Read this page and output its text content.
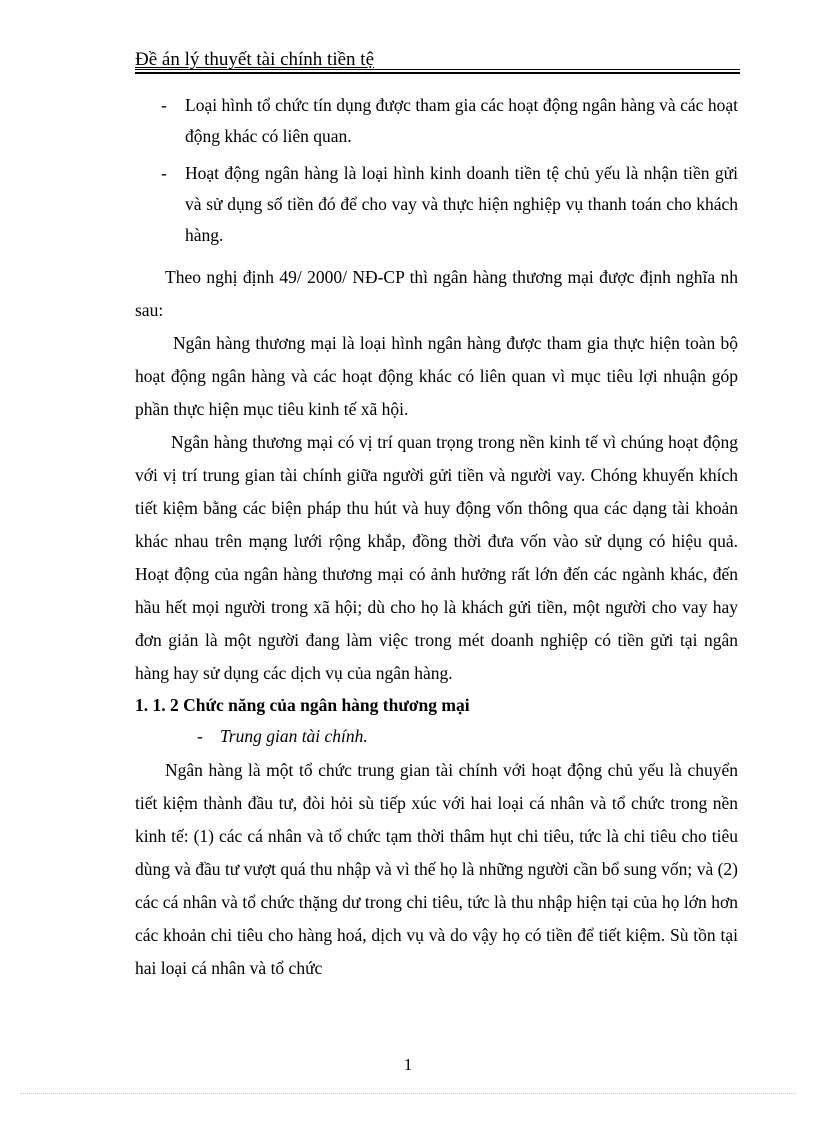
Đề án lý thuyết tài chính tiền tệ
- Loại hình tổ chức tín dụng được tham gia các hoạt động ngân hàng và các hoạt động khác có liên quan.
- Hoạt động ngân hàng là loại hình kinh doanh tiền tệ chủ yếu là nhận tiền gửi và sử dụng số tiền đó để cho vay và thực hiện nghiệp vụ thanh toán cho khách hàng.

Theo nghị định 49/ 2000/ NĐ-CP thì ngân hàng thương mại được định nghĩa nh sau:

Ngân hàng thương mại là loại hình ngân hàng được tham gia thực hiện toàn bộ hoạt động ngân hàng và các hoạt động khác có liên quan vì mục tiêu lợi nhuận góp phần thực hiện mục tiêu kinh tế xã hội.

Ngân hàng thương mại có vị trí quan trọng trong nền kinh tế vì chúng hoạt động với vị trí trung gian tài chính giữa người gửi tiền và người vay. Chóng khuyến khích tiết kiệm bằng các biện pháp thu hút và huy động vốn thông qua các dạng tài khoản khác nhau trên mạng lưới rộng khắp, đồng thời đưa vốn vào sử dụng có hiệu quả. Hoạt động của ngân hàng thương mại có ảnh hưởng rất lớn đến các ngành khác, đến hầu hết mọi người trong xã hội; dù cho họ là khách gửi tiền, một người cho vay hay đơn giản là một người đang làm việc trong mét doanh nghiệp có tiền gửi tại ngân hàng hay sử dụng các dịch vụ của ngân hàng.

1. 1. 2 Chức năng của ngân hàng thương mại
- Trung gian tài chính.

Ngân hàng là một tổ chức trung gian tài chính với hoạt động chủ yếu là chuyển tiết kiệm thành đầu tư, đòi hỏi sù tiếp xúc với hai loại cá nhân và tổ chức trong nền kinh tế: (1) các cá nhân và tổ chức tạm thời thâm hụt chi tiêu, tức là chi tiêu cho tiêu dùng và đầu tư vượt quá thu nhập và vì thế họ là những người cần bổ sung vốn; và (2) các cá nhân và tổ chức thặng dư trong chi tiêu, tức là thu nhập hiện tại của họ lớn hơn các khoản chi tiêu cho hàng hoá, dịch vụ và do vậy họ có tiền để tiết kiệm. Sù tồn tại hai loại cá nhân và tổ chức

1
